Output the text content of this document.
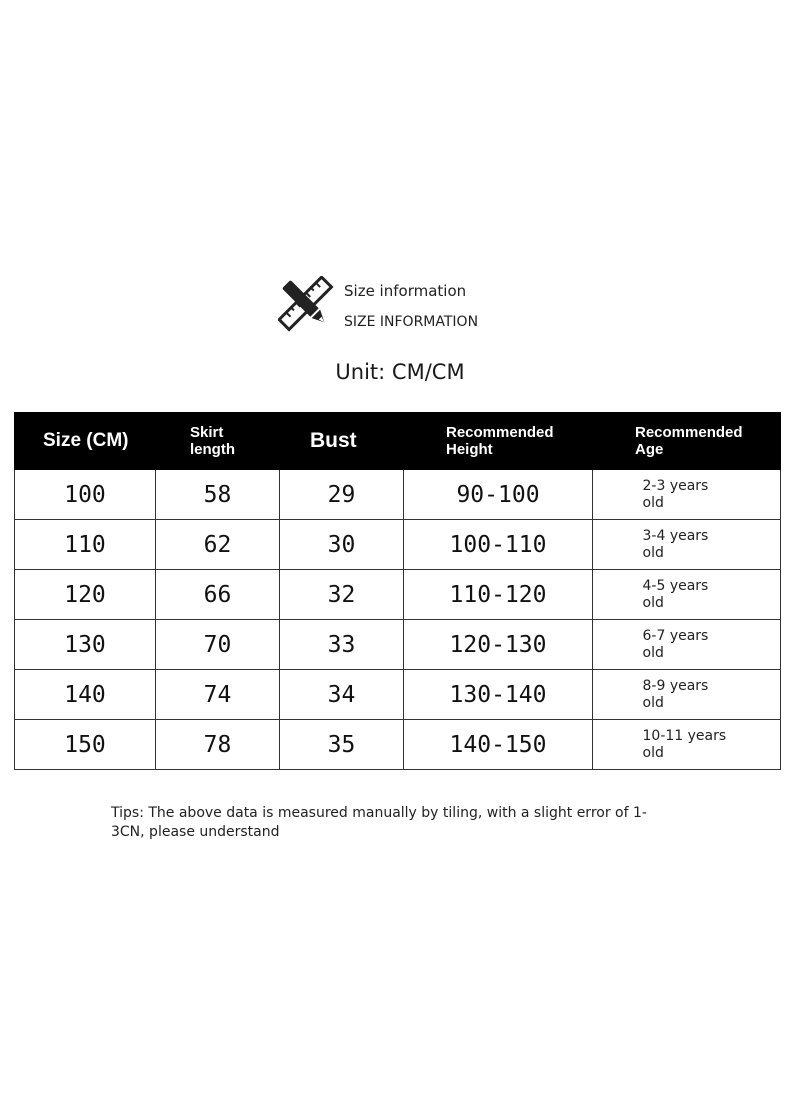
Size information
SIZE INFORMATION
Unit: CM/CM
Size (CM)	Skirt length	Bust	Recommended Height	Recommended Age

100	58	29	90-100	2-3 years old
110	62	30	100-110	3-4 years old
120	66	32	110-120	4-5 years old
130	70	33	120-130	6-7 years old
140	74	34	130-140	8-9 years old
150	78	35	140-150	10-11 years old
Tips: The above data is measured manually by tiling, with a slight error of 1-3CN, please understand
